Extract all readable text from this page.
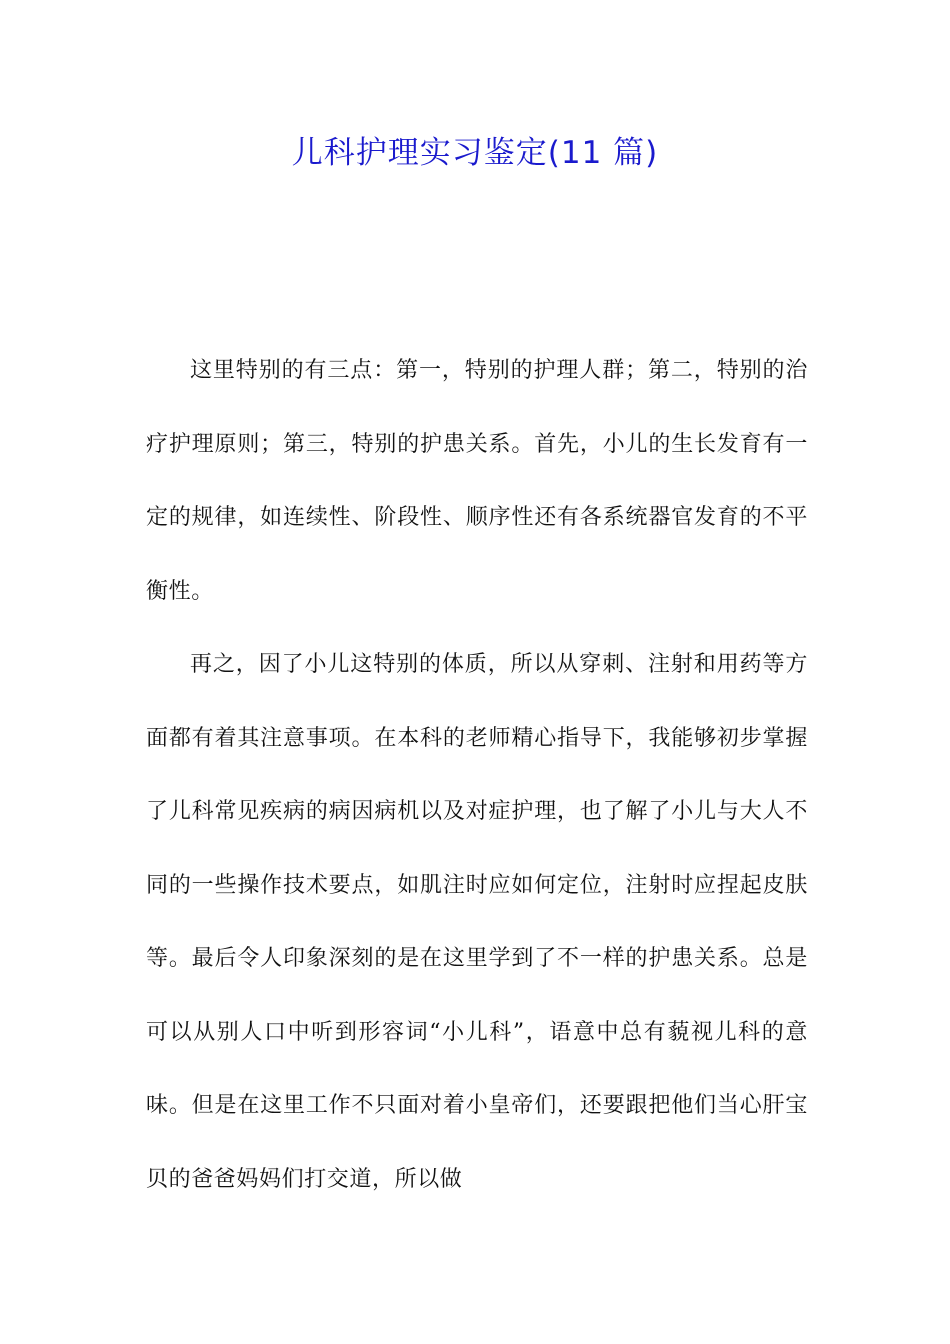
儿科护理实习鉴定(11 篇)

这里特别的有三点：第一，特别的护理人群；第二，特别的治疗护理原则；第三，特别的护患关系。首先，小儿的生长发育有一定的规律，如连续性、阶段性、顺序性还有各系统器官发育的不平衡性。

再之，因了小儿这特别的体质，所以从穿刺、注射和用药等方面都有着其注意事项。在本科的老师精心指导下，我能够初步掌握了儿科常见疾病的病因病机以及对症护理，也了解了小儿与大人不同的一些操作技术要点，如肌注时应如何定位，注射时应捏起皮肤等。最后令人印象深刻的是在这里学到了不一样的护患关系。总是可以从别人口中听到形容词“小儿科”，语意中总有藐视儿科的意味。但是在这里工作不只面对着小皇帝们，还要跟把他们当心肝宝贝的爸爸妈妈们打交道，所以做
